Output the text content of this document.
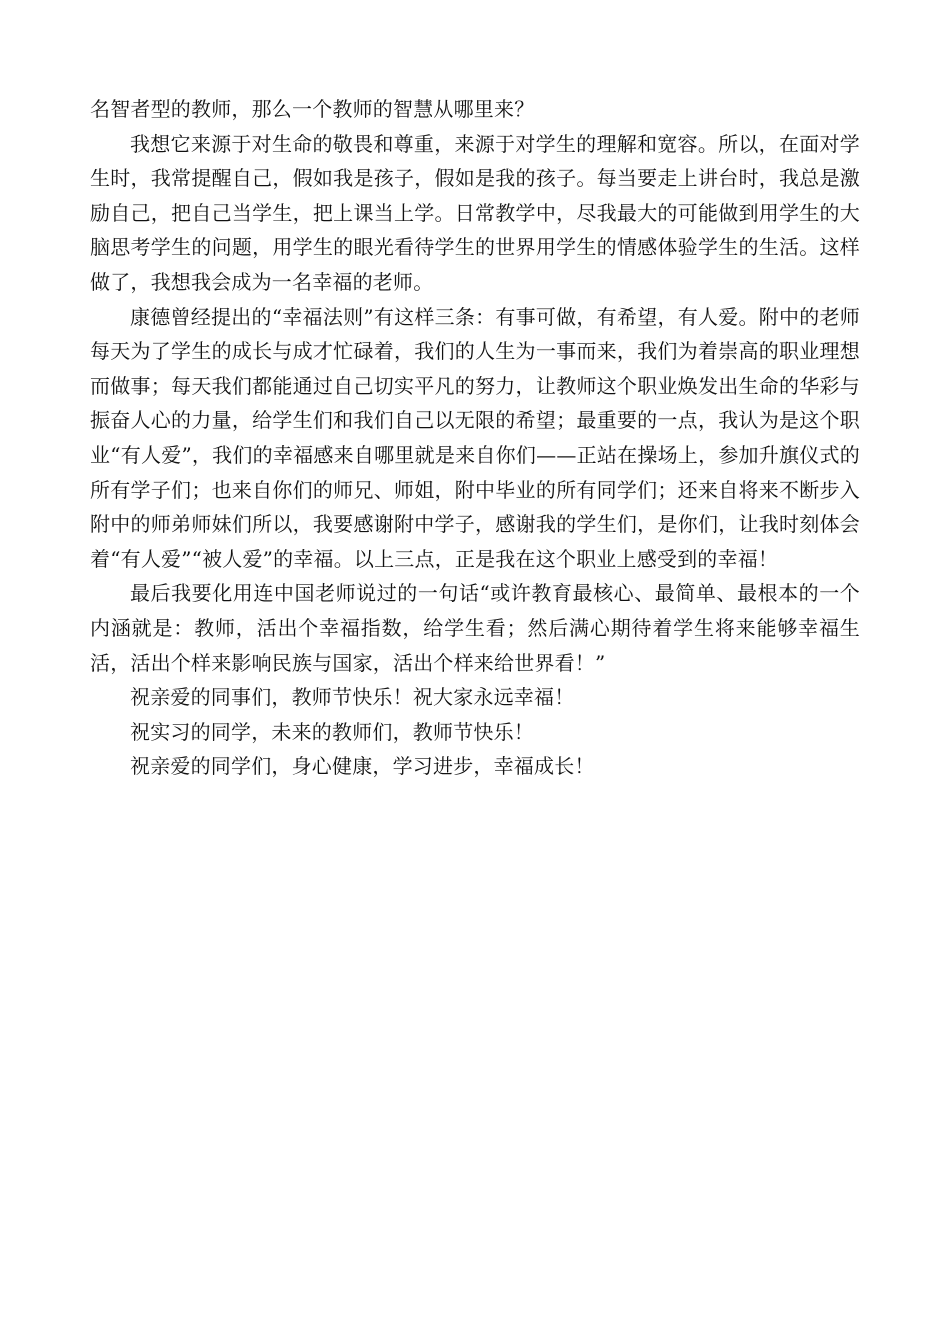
名智者型的教师，那么一个教师的智慧从哪里来？

我想它来源于对生命的敬畏和尊重，来源于对学生的理解和宽容。所以，在面对学生时，我常提醒自己，假如我是孩子，假如是我的孩子。每当要走上讲台时，我总是激励自己，把自己当学生，把上课当上学。日常教学中，尽我最大的可能做到用学生的大脑思考学生的问题，用学生的眼光看待学生的世界用学生的情感体验学生的生活。这样做了，我想我会成为一名幸福的老师。

康德曾经提出的“幸福法则”有这样三条：有事可做，有希望，有人爱。附中的老师每天为了学生的成长与成才忙碌着，我们的人生为一事而来，我们为着崇高的职业理想而做事；每天我们都能通过自己切实平凡的努力，让教师这个职业焕发出生命的华彩与振奋人心的力量，给学生们和我们自己以无限的希望；最重要的一点，我认为是这个职业“有人爱”，我们的幸福感来自哪里就是来自你们——正站在操场上，参加升旗仪式的所有学子们；也来自你们的师兄、师姐，附中毕业的所有同学们；还来自将来不断步入附中的师弟师妹们所以，我要感谢附中学子，感谢我的学生们，是你们，让我时刻体会着“有人爱”“被人爱”的幸福。以上三点，正是我在这个职业上感受到的幸福！

最后我要化用连中国老师说过的一句话“或许教育最核心、最简单、最根本的一个内涵就是：教师，活出个幸福指数，给学生看；然后满心期待着学生将来能够幸福生活，活出个样来影响民族与国家，活出个样来给世界看！”

祝亲爱的同事们，教师节快乐！祝大家永远幸福！

祝实习的同学，未来的教师们，教师节快乐！

祝亲爱的同学们，身心健康，学习进步，幸福成长！
